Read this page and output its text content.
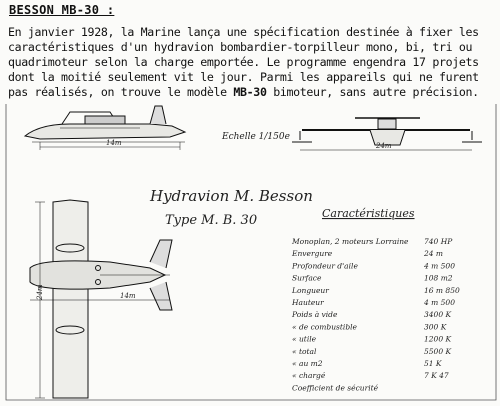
BESSON MB-30 :
En janvier 1928, la Marine lança une spécification destinée à fixer les
caractéristiques d'un hydravion bombardier-torpilleur mono, bi, tri ou
quadrimoteur selon la charge emportée. Le programme engendra 17 projets
dont la moitié seulement vit le jour. Parmi les appareils qui ne furent
pas réalisés, on trouve le modèle MB-30 bimoteur, sans autre précision.
14m	24m
Echelle 1/150e
Hydravion M. Besson
Type M. B. 30	Caractéristiques
24m	14m
Monoplan, 2 moteurs Lorraine 740 HP
Envergure	24 m
Profondeur d'aile	4 m 500
Surface	108 m2
Longueur	16 m 850
Hauteur	4 m 500
Poids à vide	3400 K
« de combustible	300 K
« utile	1200 K
« total	5500 K
« au m2	51 K
« chargé	7 K 47
Coefficient de sécurité
